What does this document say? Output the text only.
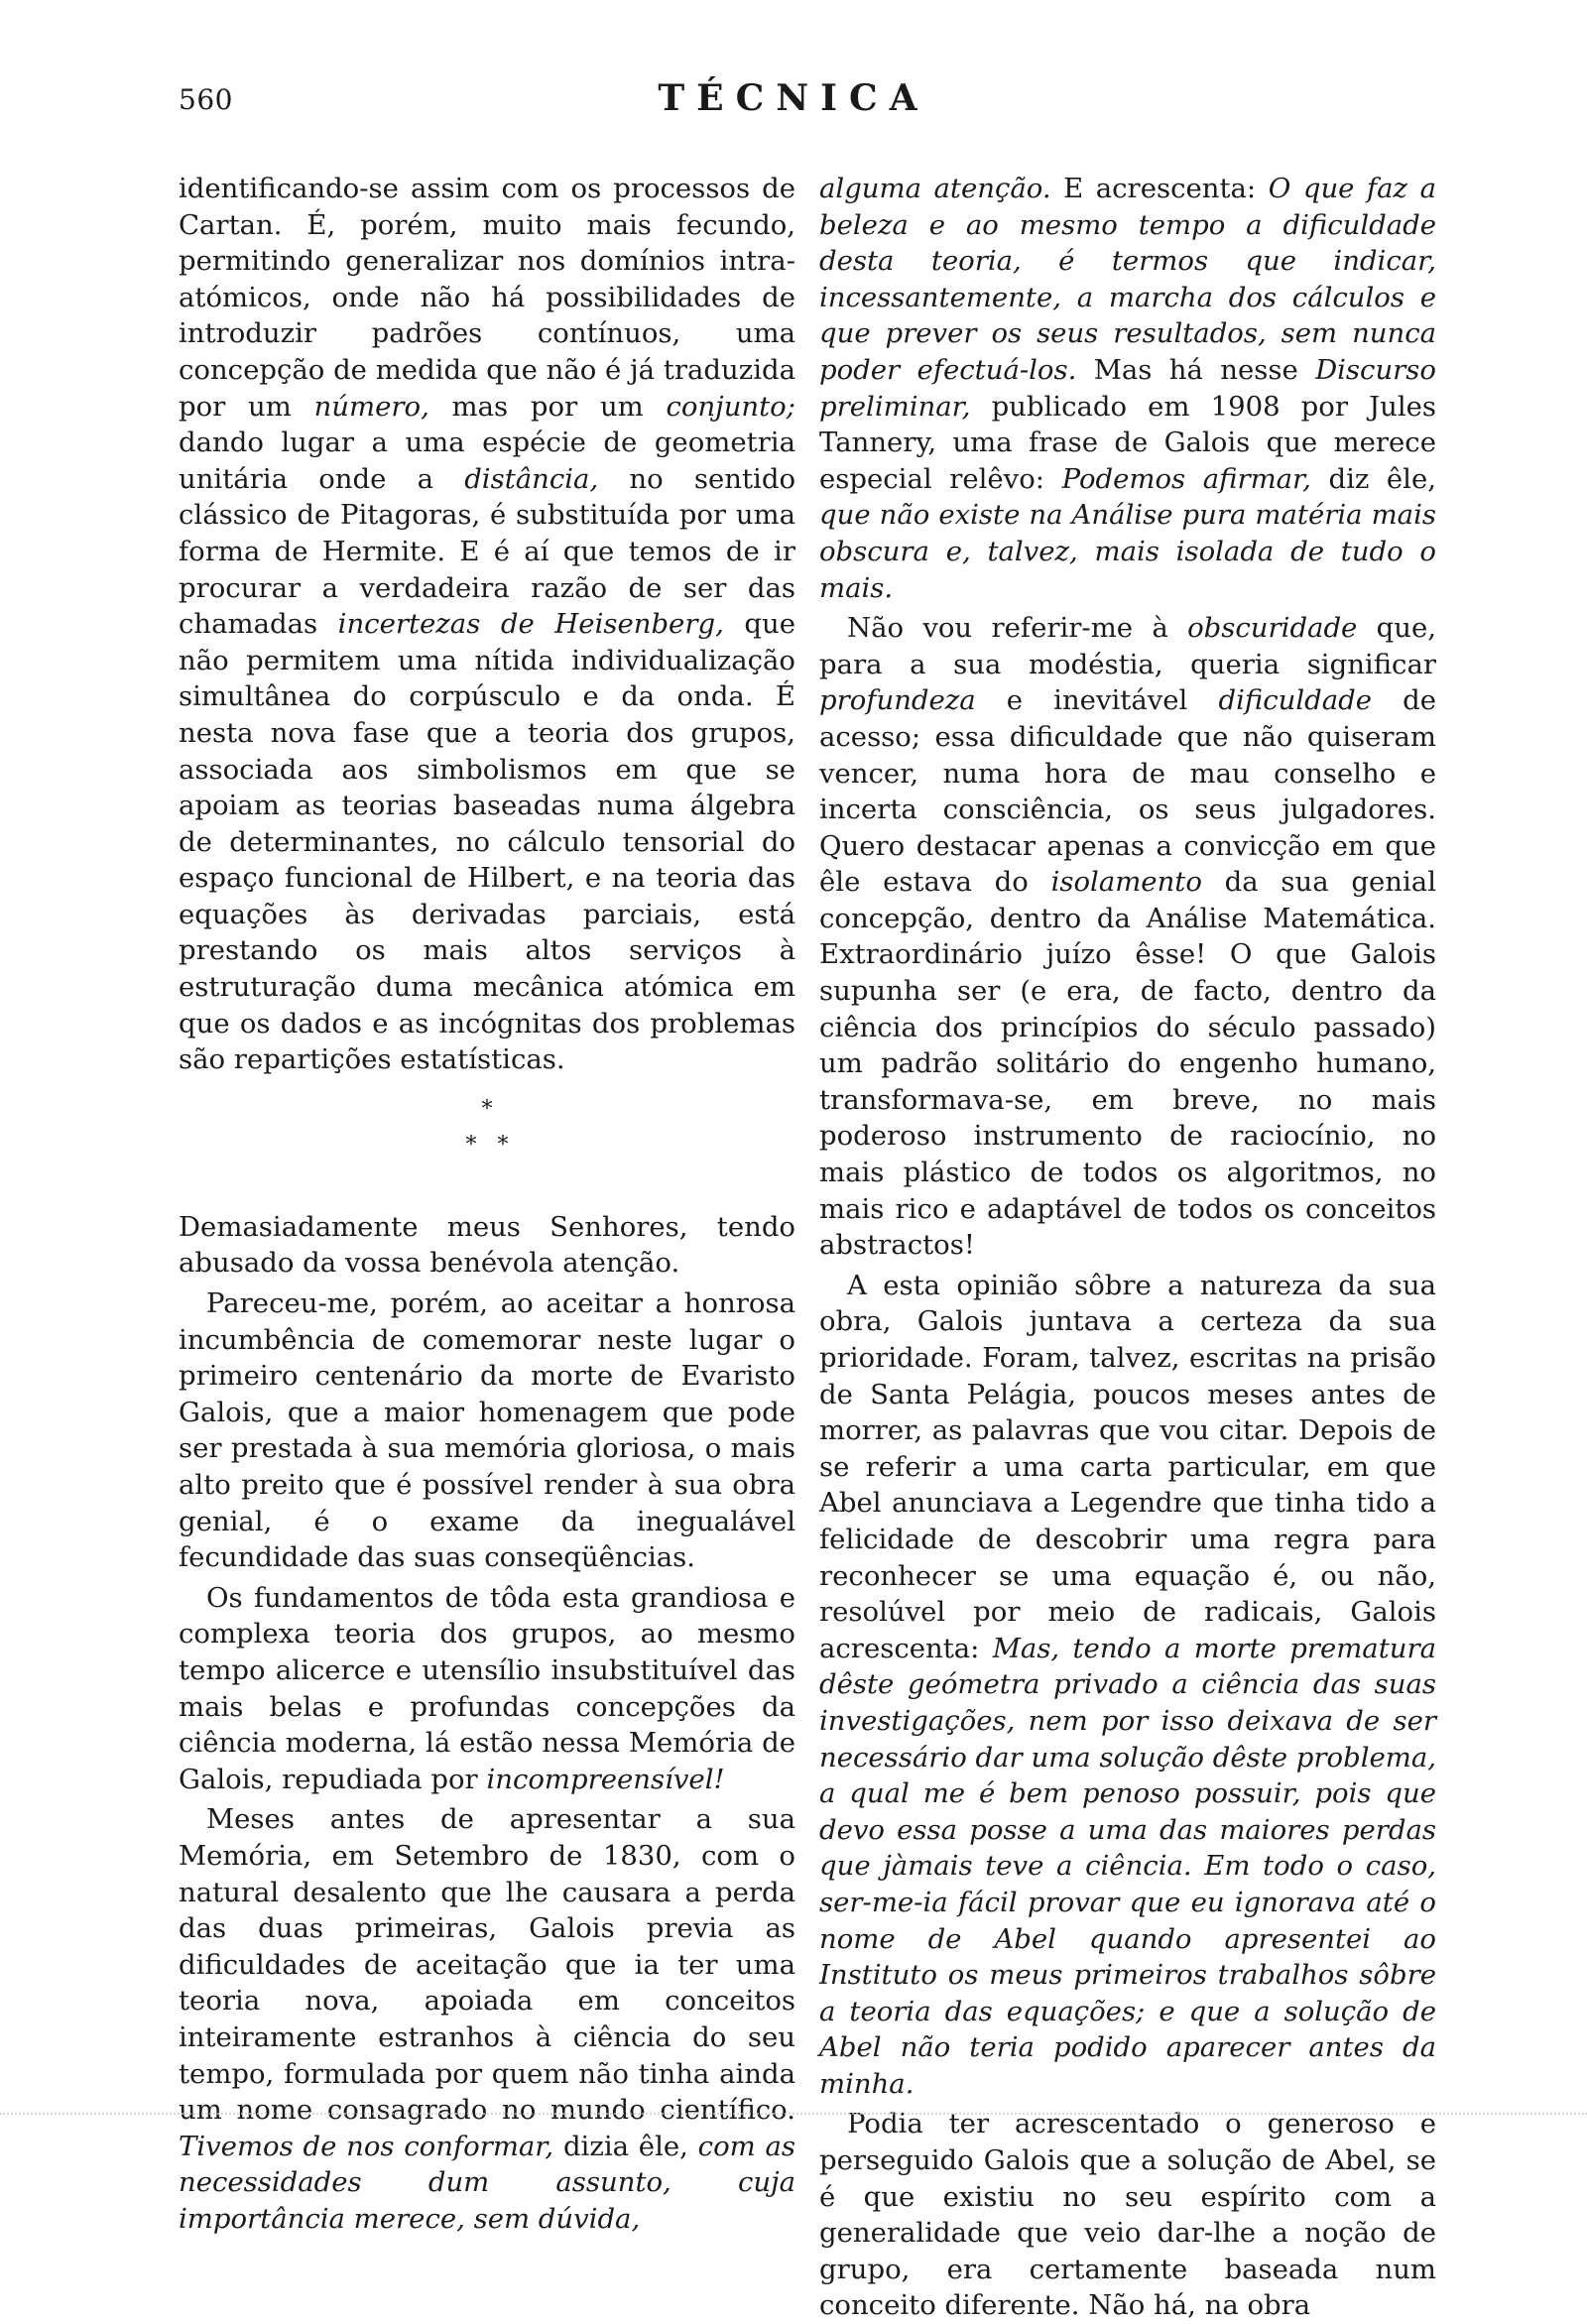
560	TÉCNICA

identificando-se assim com os processos de Cartan. É, porém, muito mais fecundo, permitindo generalizar nos domínios intra-atómicos, onde não há possibilidades de introduzir padrões contínuos, uma concepção de medida que não é já traduzida por um número, mas por um conjunto; dando lugar a uma espécie de geometria unitária onde a distância, no sentido clássico de Pitagoras, é substituída por uma forma de Hermite. E é aí que temos de ir procurar a verdadeira razão de ser das chamadas incertezas de Heisenberg, que não permitem uma nítida individualização simultânea do corpúsculo e da onda. É nesta nova fase que a teoria dos grupos, associada aos simbolismos em que se apoiam as teorias baseadas numa álgebra de determinantes, no cálculo tensorial do espaço funcional de Hilbert, e na teoria das equações às derivadas parciais, está prestando os mais altos serviços à estruturação duma mecânica atómica em que os dados e as incógnitas dos problemas são repartições estatísticas.

*
*   *

Demasiadamente meus Senhores, tendo abusado da vossa benévola atenção.

Pareceu-me, porém, ao aceitar a honrosa incumbência de comemorar neste lugar o primeiro centenário da morte de Evaristo Galois, que a maior homenagem que pode ser prestada à sua memória gloriosa, o mais alto preito que é possível render à sua obra genial, é o exame da inegualável fecundidade das suas conseqüências.

Os fundamentos de tôda esta grandiosa e complexa teoria dos grupos, ao mesmo tempo alicerce e utensílio insubstituível das mais belas e profundas concepções da ciência moderna, lá estão nessa Memória de Galois, repudiada por incompreensível!

Meses antes de apresentar a sua Memória, em Setembro de 1830, com o natural desalento que lhe causara a perda das duas primeiras, Galois previa as dificuldades de aceitação que ia ter uma teoria nova, apoiada em conceitos inteiramente estranhos à ciência do seu tempo, formulada por quem não tinha ainda um nome consagrado no mundo científico. Tivemos de nos conformar, dizia êle, com as necessidades dum assunto, cuja importância merece, sem dúvida,

alguma atenção. E acrescenta: O que faz a beleza e ao mesmo tempo a dificuldade desta teoria, é termos que indicar, incessantemente, a marcha dos cálculos e que prever os seus resultados, sem nunca poder efectuá-los. Mas há nesse Discurso preliminar, publicado em 1908 por Jules Tannery, uma frase de Galois que merece especial relêvo: Podemos afirmar, diz êle, que não existe na Análise pura matéria mais obscura e, talvez, mais isolada de tudo o mais.

Não vou referir-me à obscuridade que, para a sua modéstia, queria significar profundeza e inevitável dificuldade de acesso; essa dificuldade que não quiseram vencer, numa hora de mau conselho e incerta consciência, os seus julgadores. Quero destacar apenas a convicção em que êle estava do isolamento da sua genial concepção, dentro da Análise Matemática. Extraordinário juízo êsse! O que Galois supunha ser (e era, de facto, dentro da ciência dos princípios do século passado) um padrão solitário do engenho humano, transformava-se, em breve, no mais poderoso instrumento de raciocínio, no mais plástico de todos os algoritmos, no mais rico e adaptável de todos os conceitos abstractos!

A esta opinião sôbre a natureza da sua obra, Galois juntava a certeza da sua prioridade. Foram, talvez, escritas na prisão de Santa Pelágia, poucos meses antes de morrer, as palavras que vou citar. Depois de se referir a uma carta particular, em que Abel anunciava a Legendre que tinha tido a felicidade de descobrir uma regra para reconhecer se uma equação é, ou não, resolúvel por meio de radicais, Galois acrescenta: Mas, tendo a morte prematura dêste geómetra privado a ciência das suas investigações, nem por isso deixava de ser necessário dar uma solução dêste problema, a qual me é bem penoso possuir, pois que devo essa posse a uma das maiores perdas que jàmais teve a ciência. Em todo o caso, ser-me-ia fácil provar que eu ignorava até o nome de Abel quando apresentei ao Instituto os meus primeiros trabalhos sôbre a teoria das equações; e que a solução de Abel não teria podido aparecer antes da minha.

Podia ter acrescentado o generoso e perseguido Galois que a solução de Abel, se é que existiu no seu espírito com a generalidade que veio dar-lhe a noção de grupo, era certamente baseada num conceito diferente. Não há, na obra
